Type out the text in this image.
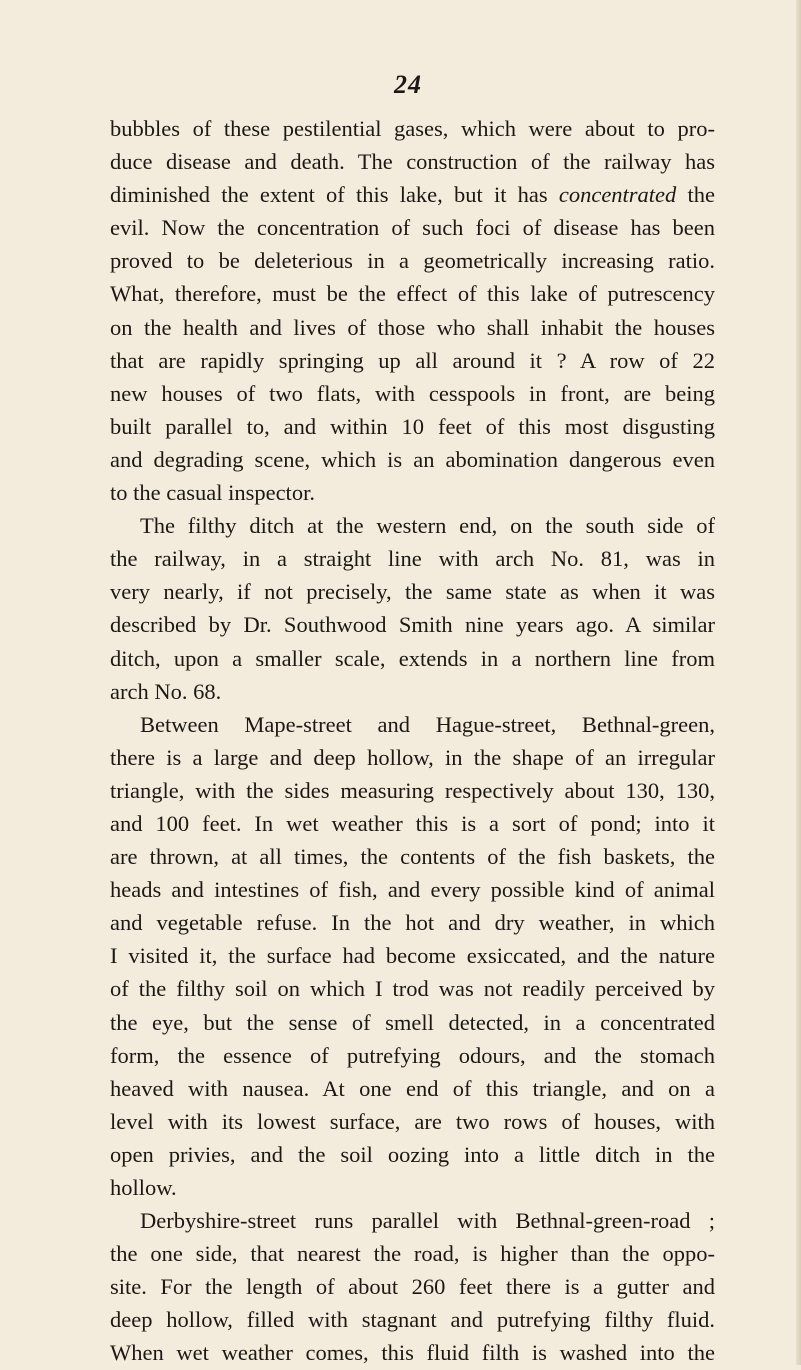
24
bubbles of these pestilential gases, which were about to pro-
duce disease and death. The construction of the railway has
diminished the extent of this lake, but it has concentrated the
evil. Now the concentration of such foci of disease has been
proved to be deleterious in a geometrically increasing ratio.
What, therefore, must be the effect of this lake of putrescency
on the health and lives of those who shall inhabit the houses
that are rapidly springing up all around it ? A row of 22
new houses of two flats, with cesspools in front, are being
built parallel to, and within 10 feet of this most disgusting
and degrading scene, which is an abomination dangerous even
to the casual inspector.
The filthy ditch at the western end, on the south side of
the railway, in a straight line with arch No. 81, was in
very nearly, if not precisely, the same state as when it was
described by Dr. Southwood Smith nine years ago. A similar
ditch, upon a smaller scale, extends in a northern line from
arch No. 68.
Between Mape-street and Hague-street, Bethnal-green,
there is a large and deep hollow, in the shape of an irregular
triangle, with the sides measuring respectively about 130, 130,
and 100 feet. In wet weather this is a sort of pond; into it
are thrown, at all times, the contents of the fish baskets, the
heads and intestines of fish, and every possible kind of animal
and vegetable refuse. In the hot and dry weather, in which
I visited it, the surface had become exsiccated, and the nature
of the filthy soil on which I trod was not readily perceived by
the eye, but the sense of smell detected, in a concentrated
form, the essence of putrefying odours, and the stomach
heaved with nausea. At one end of this triangle, and on a
level with its lowest surface, are two rows of houses, with
open privies, and the soil oozing into a little ditch in the
hollow.
Derbyshire-street runs parallel with Bethnal-green-road ;
the one side, that nearest the road, is higher than the oppo-
site. For the length of about 260 feet there is a gutter and
deep hollow, filled with stagnant and putrefying filthy fluid.
When wet weather comes, this fluid filth is washed into the
